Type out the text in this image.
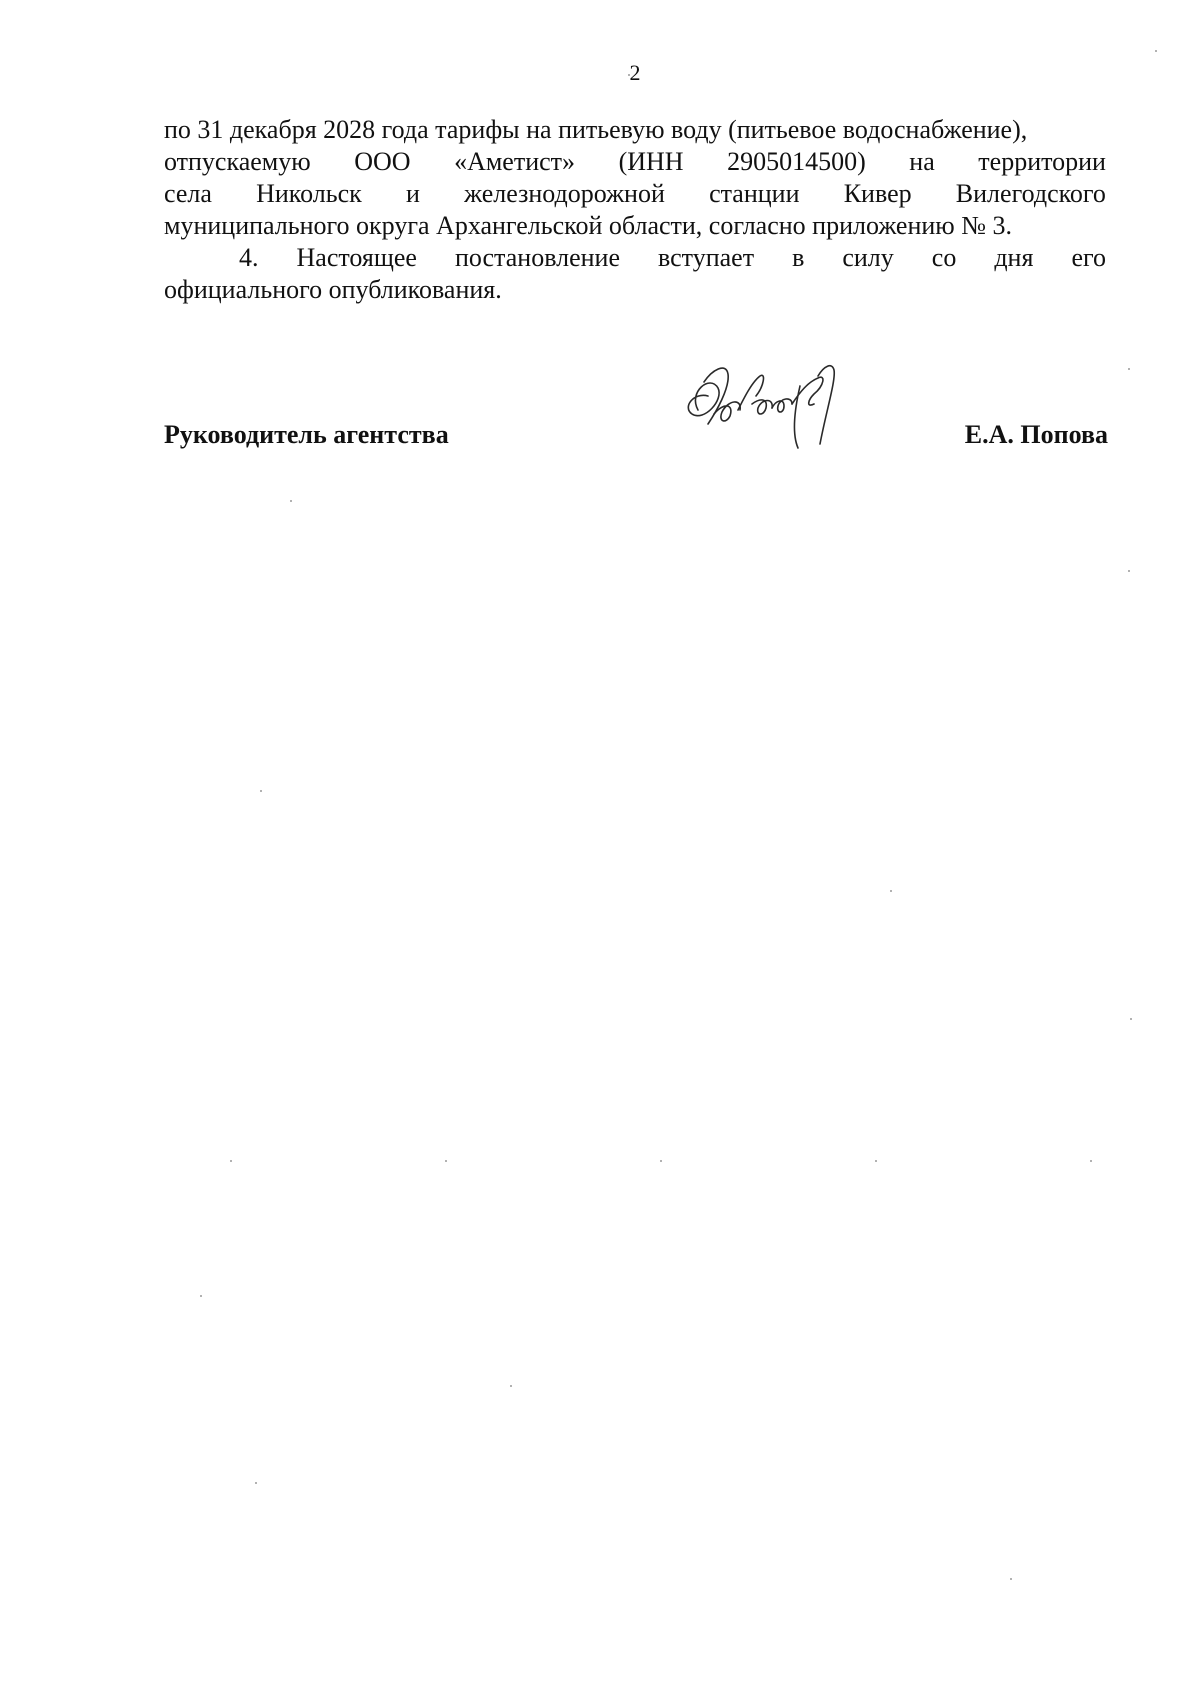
2
по 31 декабря 2028 года тарифы на питьевую воду (питьевое водоснабжение),
отпускаемую ООО «Аметист» (ИНН 2905014500) на территории
села Никольск и железнодорожной станции Кивер Вилегодского
муниципального округа Архангельской области, согласно приложению № 3.
4. Настоящее постановление вступает в силу со дня его
официального опубликования.
Руководитель агентства	Е.А. Попова
